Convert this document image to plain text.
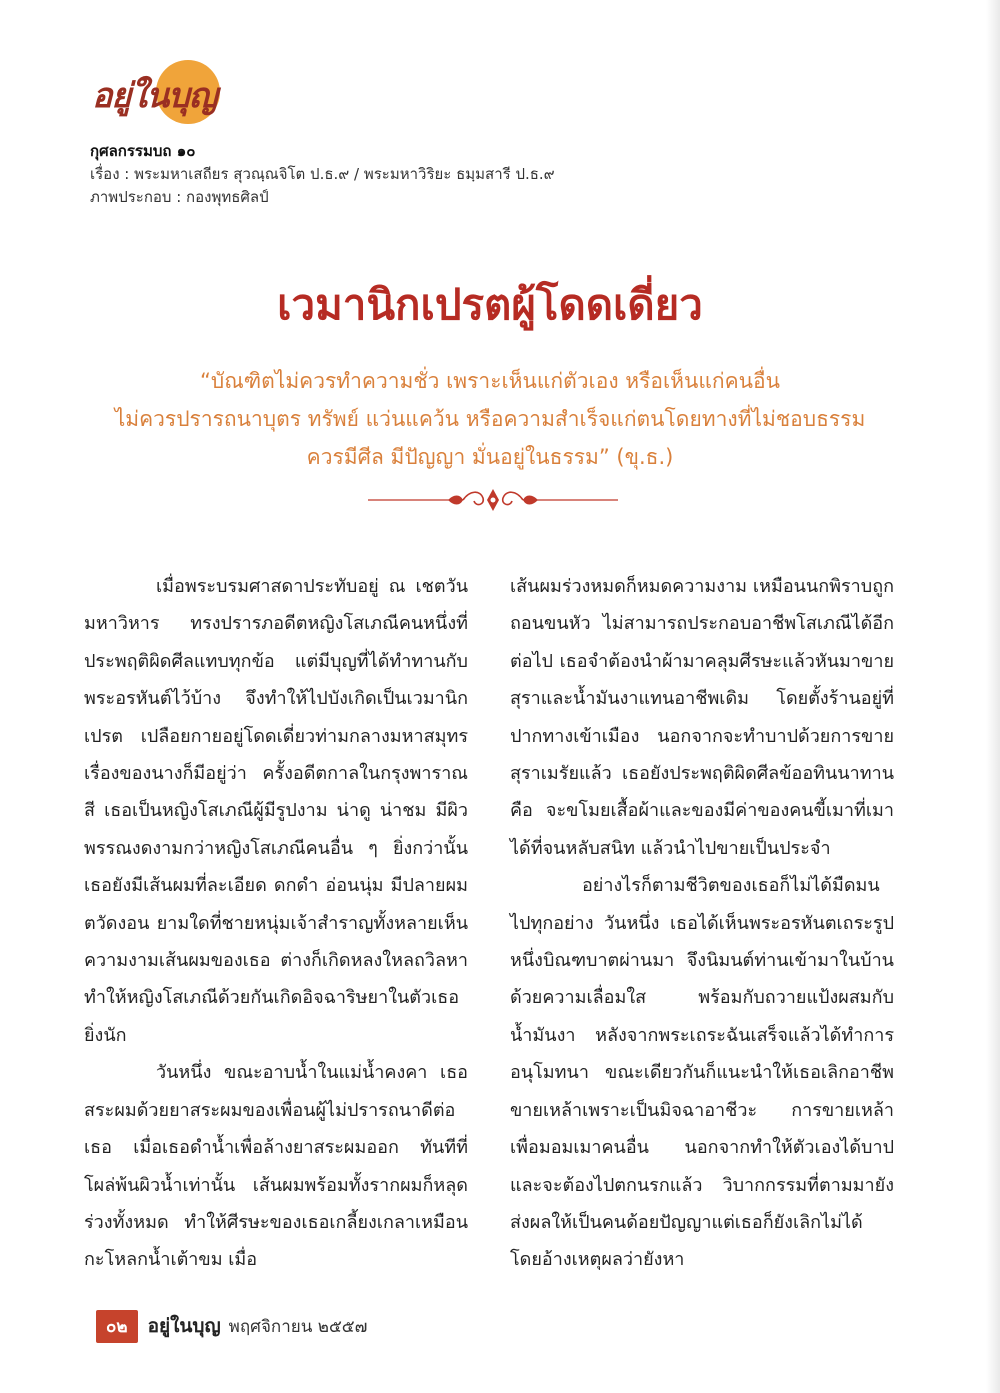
อยู่ในบุญ
กุศลกรรมบถ ๑๐
เรื่อง : พระมหาเสถียร สุวณฺณจิโต ป.ธ.๙ / พระมหาวิริยะ ธมฺมสารี ป.ธ.๙
ภาพประกอบ : กองพุทธศิลป์
เวมานิกเปรตผู้โดดเดี่ยว
“บัณฑิตไม่ควรทำความชั่ว เพราะเห็นแก่ตัวเอง หรือเห็นแก่คนอื่น
ไม่ควรปรารถนาบุตร ทรัพย์ แว่นแคว้น หรือความสำเร็จแก่ตนโดยทางที่ไม่ชอบธรรม
ควรมีศีล มีปัญญา มั่นอยู่ในธรรม” (ขุ.ธ.)

เมื่อพระบรมศาสดาประทับอยู่ ณ เชตวันมหาวิหาร ทรงปรารภอดีตหญิงโสเภณีคนหนึ่งที่ประพฤติผิดศีลแทบทุกข้อ แต่มีบุญที่ได้ทำทานกับพระอรหันต์ไว้บ้าง จึงทำให้ไปบังเกิดเป็นเวมานิกเปรต เปลือยกายอยู่โดดเดี่ยวท่ามกลางมหาสมุทร เรื่องของนางก็มีอยู่ว่า ครั้งอดีตกาลในกรุงพาราณสี เธอเป็นหญิงโสเภณีผู้มีรูปงาม น่าดู น่าชม มีผิวพรรณงดงามกว่าหญิงโสเภณีคนอื่น ๆ ยิ่งกว่านั้นเธอยังมีเส้นผมที่ละเอียด ดกดำ อ่อนนุ่ม มีปลายผมตวัดงอน ยามใดที่ชายหนุ่มเจ้าสำราญทั้งหลายเห็นความงามเส้นผมของเธอ ต่างก็เกิดหลงใหลถวิลหา ทำให้หญิงโสเภณีด้วยกันเกิดอิจฉาริษยาในตัวเธอยิ่งนัก

วันหนึ่ง ขณะอาบน้ำในแม่น้ำคงคา เธอสระผมด้วยยาสระผมของเพื่อนผู้ไม่ปรารถนาดีต่อเธอ เมื่อเธอดำน้ำเพื่อล้างยาสระผมออก ทันทีที่โผล่พ้นผิวน้ำเท่านั้น เส้นผมพร้อมทั้งรากผมก็หลุดร่วงทั้งหมด ทำให้ศีรษะของเธอเกลี้ยงเกลาเหมือนกะโหลกน้ำเต้าขม เมื่อ

เส้นผมร่วงหมดก็หมดความงาม เหมือนนกพิราบถูกถอนขนหัว ไม่สามารถประกอบอาชีพโสเภณีได้อีกต่อไป เธอจำต้องนำผ้ามาคลุมศีรษะแล้วหันมาขายสุราและน้ำมันงาแทนอาชีพเดิม โดยตั้งร้านอยู่ที่ปากทางเข้าเมือง นอกจากจะทำบาปด้วยการขายสุราเมรัยแล้ว เธอยังประพฤติผิดศีลข้ออทินนาทาน คือ จะขโมยเสื้อผ้าและของมีค่าของคนขี้เมาที่เมาได้ที่จนหลับสนิท แล้วนำไปขายเป็นประจำ

อย่างไรก็ตามชีวิตของเธอก็ไม่ได้มืดมนไปทุกอย่าง วันหนึ่ง เธอได้เห็นพระอรหันตเถระรูปหนึ่งบิณฑบาตผ่านมา จึงนิมนต์ท่านเข้ามาในบ้านด้วยความเลื่อมใส พร้อมกับถวายแป้งผสมกับน้ำมันงา หลังจากพระเถระฉันเสร็จแล้วได้ทำการอนุโมทนา ขณะเดียวกันก็แนะนำให้เธอเลิกอาชีพขายเหล้าเพราะเป็นมิจฉาอาชีวะ การขายเหล้าเพื่อมอมเมาคนอื่น นอกจากทำให้ตัวเองได้บาปและจะต้องไปตกนรกแล้ว วิบากกรรมที่ตามมายังส่งผลให้เป็นคนด้อยปัญญาแต่เธอก็ยังเลิกไม่ได้ โดยอ้างเหตุผลว่ายังหา

๐๒	อยู่ในบุญ พฤศจิกายน ๒๕๕๗
